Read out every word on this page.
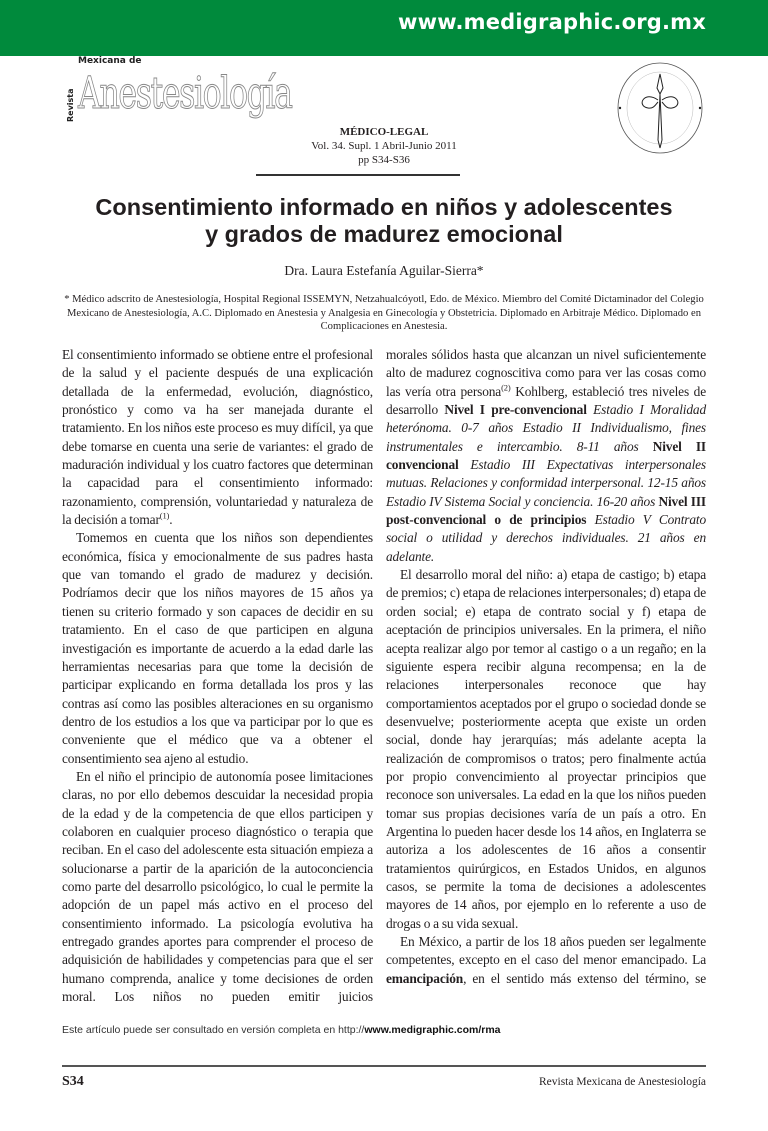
www.medigraphic.org.mx
Revista
Mexicana de
Anestesiología
MÉDICO-LEGAL
Vol. 34. Supl. 1 Abril-Junio 2011
pp S34-S36
Consentimiento informado en niños y adolescentes
y grados de madurez emocional
Dra. Laura Estefanía Aguilar-Sierra*
* Médico adscrito de Anestesiología, Hospital Regional ISSEMYN, Netzahualcóyotl, Edo. de México. Miembro del Comité Dictaminador del Colegio Mexicano de Anestesiología, A.C. Diplomado en Anestesia y Analgesia en Ginecología y Obstetricia. Diplomado en Arbitraje Médico. Diplomado en Complicaciones en Anestesia.

El consentimiento informado se obtiene entre el profesional de la salud y el paciente después de una explicación detallada de la enfermedad, evolución, diagnóstico, pronóstico y como va ha ser manejada durante el tratamiento. En los niños este proceso es muy difícil, ya que debe tomarse en cuenta una serie de variantes: el grado de maduración individual y los cuatro factores que determinan la capacidad para el consentimiento informado: razonamiento, comprensión, voluntariedad y naturaleza de la decisión a tomar$^{(1)}$.

Tomemos en cuenta que los niños son dependientes económica, física y emocionalmente de sus padres hasta que van tomando el grado de madurez y decisión. Podríamos decir que los niños mayores de 15 años ya tienen su criterio formado y son capaces de decidir en su tratamiento. En el caso de que participen en alguna investigación es importante de acuerdo a la edad darle las herramientas necesarias para que tome la decisión de participar explicando en forma detallada los pros y las contras así como las posibles alteraciones en su organismo dentro de los estudios a los que va participar por lo que es conveniente que el médico que va a obtener el consentimiento sea ajeno al estudio.

En el niño el principio de autonomía posee limitaciones claras, no por ello debemos descuidar la necesidad propia de la edad y de la competencia de que ellos participen y colaboren en cualquier proceso diagnóstico o terapia que reciban. En el caso del adolescente esta situación empieza a solucionarse a partir de la aparición de la autoconciencia como parte del desarrollo psicológico, lo cual le permite la adopción de un papel más activo en el proceso del consentimiento informado. La psicología evolutiva ha entregado grandes aportes para comprender el proceso de adquisición de habilidades y competencias para que el ser humano comprenda, analice y tome decisiones de orden moral. Los niños no pueden emitir juicios

morales sólidos hasta que alcanzan un nivel suficientemente alto de madurez cognoscitiva como para ver las cosas como las vería otra persona$^{(2)}$ Kohlberg, estableció tres niveles de desarrollo Nivel I pre-convencional Estadio I Moralidad heterónoma. 0-7 años Estadio II Individualismo, fines instrumentales e intercambio. 8-11 años Nivel II convencional Estadio III Expectativas interpersonales mutuas. Relaciones y conformidad interpersonal. 12-15 años Estadio IV Sistema Social y conciencia. 16-20 años Nivel III post-convencional o de principios Estadio V Contrato social o utilidad y derechos individuales. 21 años en adelante.

El desarrollo moral del niño: a) etapa de castigo; b) etapa de premios; c) etapa de relaciones interpersonales; d) etapa de orden social; e) etapa de contrato social y f) etapa de aceptación de principios universales. En la primera, el niño acepta realizar algo por temor al castigo o a un regaño; en la siguiente espera recibir alguna recompensa; en la de relaciones interpersonales reconoce que hay comportamientos aceptados por el grupo o sociedad donde se desenvuelve; posteriormente acepta que existe un orden social, donde hay jerarquías; más adelante acepta la realización de compromisos o tratos; pero finalmente actúa por propio convencimiento al proyectar principios que reconoce son universales. La edad en la que los niños pueden tomar sus propias decisiones varía de un país a otro. En Argentina lo pueden hacer desde los 14 años, en Inglaterra se autoriza a los adolescentes de 16 años a consentir tratamientos quirúrgicos, en Estados Unidos, en algunos casos, se permite la toma de decisiones a adolescentes mayores de 14 años, por ejemplo en lo referente a uso de drogas o a su vida sexual.

En México, a partir de los 18 años pueden ser legalmente competentes, excepto en el caso del menor emancipado. La emancipación, en el sentido más extenso del término, se

Este artículo puede ser consultado en versión completa en http://www.medigraphic.com/rma
S34	Revista Mexicana de Anestesiología
